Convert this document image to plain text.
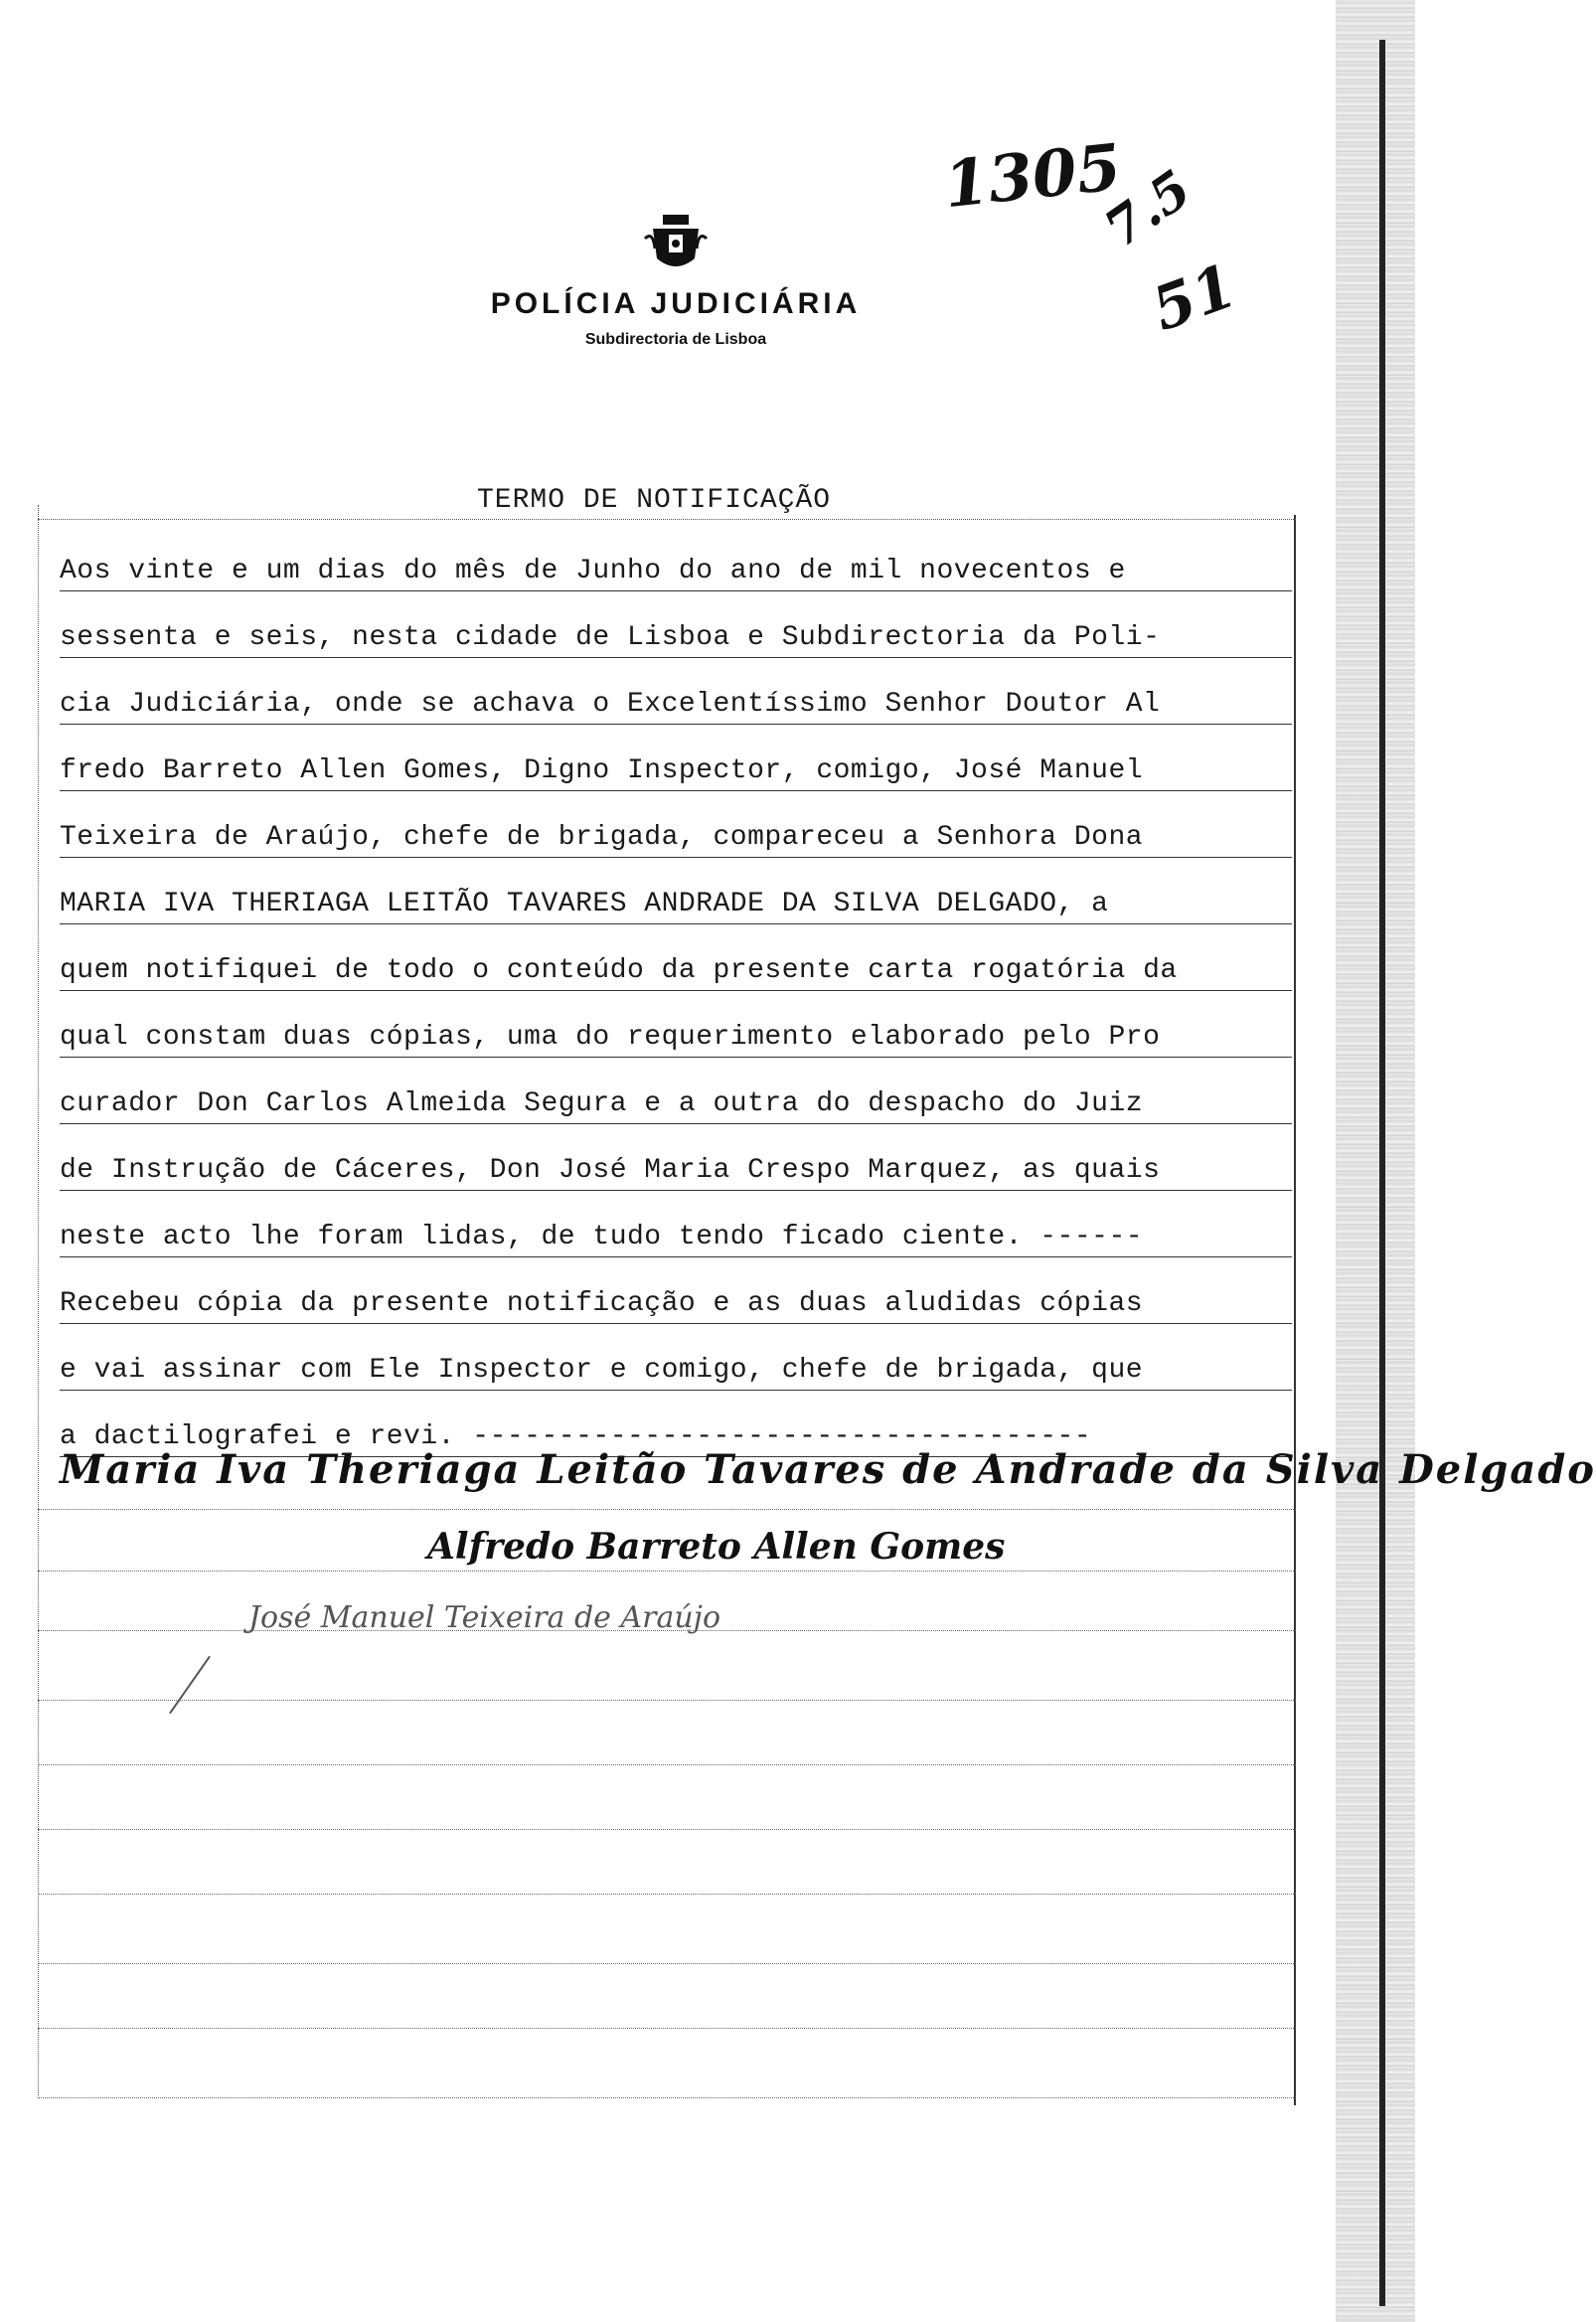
POLÍCIA JUDICIÁRIA
Subdirectoria de Lisboa
1305
7.5
51
TERMO DE NOTIFICAÇÃO
Aos vinte e um dias do mês de Junho do ano de mil novecentos e
sessenta e seis, nesta cidade de Lisboa e Subdirectoria da Poli-
cia Judiciária, onde se achava o Excelentíssimo Senhor Doutor Al
fredo Barreto Allen Gomes, Digno Inspector, comigo, José Manuel
Teixeira de Araújo, chefe de brigada, compareceu a Senhora Dona
MARIA IVA THERIAGA LEITÃO TAVARES ANDRADE DA SILVA DELGADO, a
quem notifiquei de todo o conteúdo da presente carta rogatória da
qual constam duas cópias, uma do requerimento elaborado pelo Pro
curador Don Carlos Almeida Segura e a outra do despacho do Juiz
de Instrução de Cáceres, Don José Maria Crespo Marquez, as quais
neste acto lhe foram lidas, de tudo tendo ficado ciente. ------
Recebeu cópia da presente notificação e as duas aludidas cópias
e vai assinar com Ele Inspector e comigo, chefe de brigada, que
a dactilografei e revi. ------------------------------------
Maria Iva Theriaga Leitão Tavares de Andrade da Silva Delgado
Alfredo Barreto Allen Gomes
José Manuel Teixeira de Araújo
